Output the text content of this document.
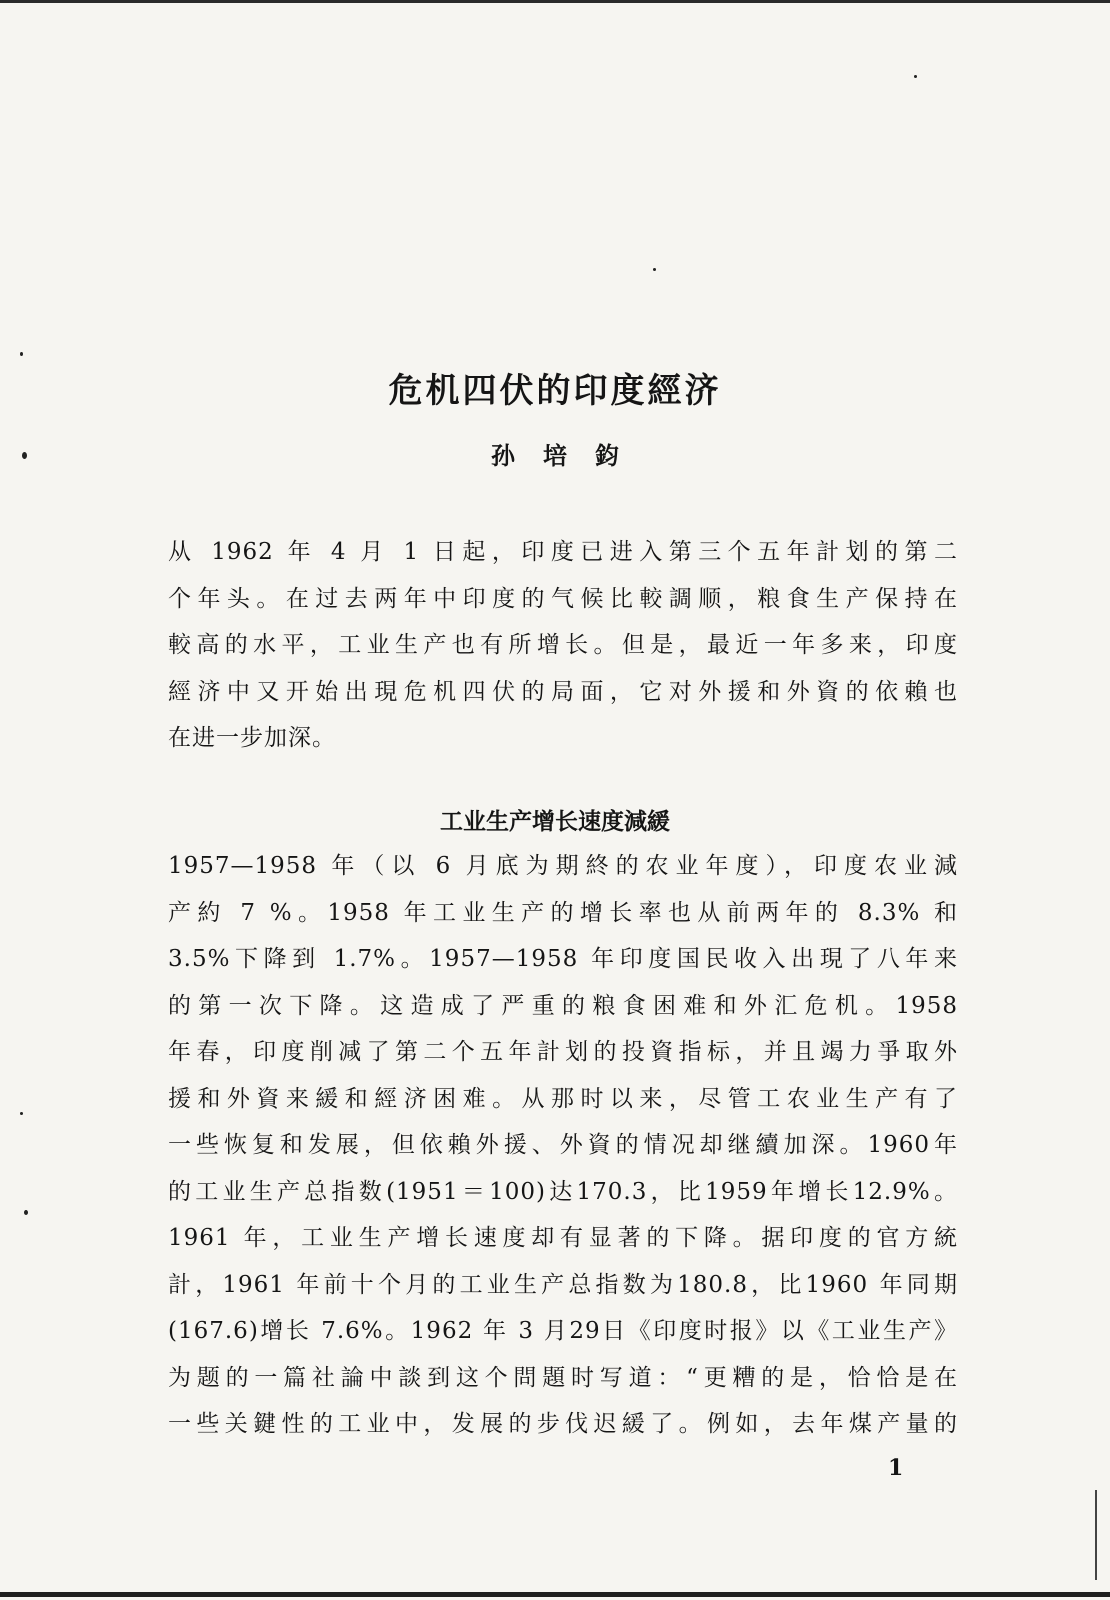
危机四伏的印度經济
孙培鈞

从 1962 年 4 月 1 日起，印度已进入第三个五年計划的第二
个年头。在过去两年中印度的气候比較調顺，粮食生产保持在
較高的水平，工业生产也有所增长。但是，最近一年多来，印度
經济中又开始出現危机四伏的局面，它对外援和外資的依賴也
在进一步加深。

工业生产增长速度減緩

1957—1958 年（以 6 月底为期終的农业年度），印度农业減
产約 7 %。1958 年工业生产的增长率也从前两年的 8.3% 和
3.5%下降到 1.7%。1957—1958 年印度国民收入出現了八年来
的第一次下降。这造成了严重的粮食困难和外汇危机。1958
年春，印度削减了第二个五年計划的投資指标，并且竭力爭取外
援和外資来緩和經济困难。从那时以来，尽管工农业生产有了
一些恢复和发展，但依賴外援、外資的情况却继續加深。1960年
的工业生产总指数(1951＝100)达170.3，比1959年增长12.9%。
1961 年，工业生产增长速度却有显著的下降。据印度的官方統
計，1961 年前十个月的工业生产总指数为180.8，比1960 年同期
(167.6)增长 7.6%。1962 年 3 月29日《印度时报》以《工业生产》
为题的一篇社論中談到这个問題时写道：“更糟的是，恰恰是在
一些关鍵性的工业中，发展的步伐迟緩了。例如，去年煤产量的

1
